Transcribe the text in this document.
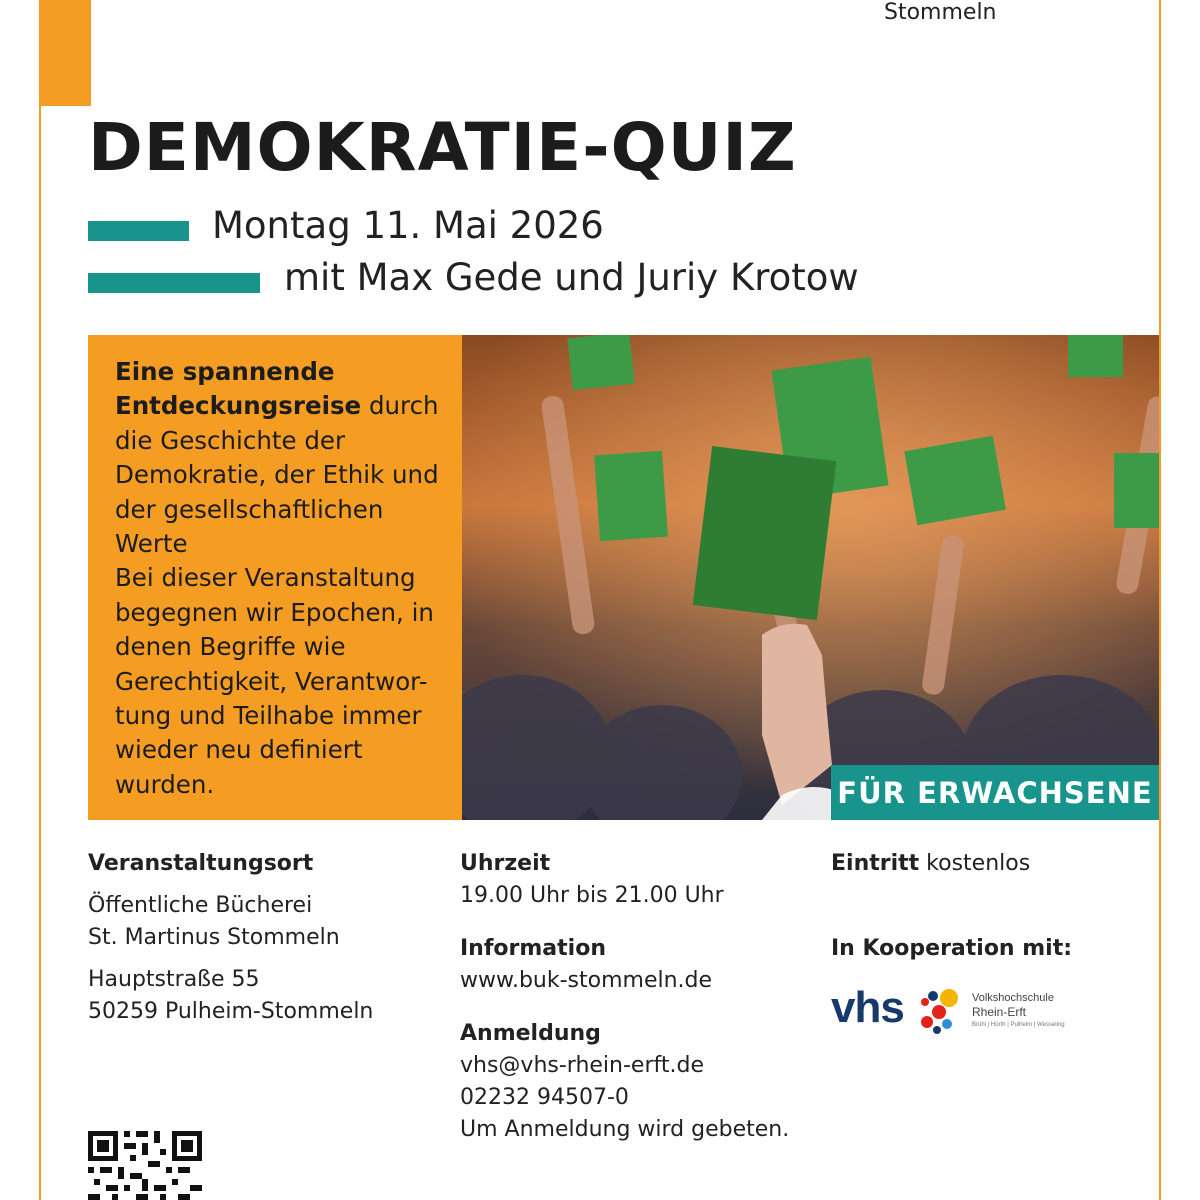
Stommeln
DEMOKRATIE-QUIZ
Montag 11. Mai 2026
mit Max Gede und Juriy Krotow
Eine spannende Entdeckungsreise durch die Geschichte der Demokratie, der Ethik und der gesellschaftlichen Werte
Bei dieser Veranstaltung begegnen wir Epochen, in denen Begriffe wie Gerechtigkeit, Verantwor-tung und Teilhabe immer wieder neu definiert wurden.	FÜR ERWACHSENE
Veranstaltungsort
Öffentliche Bücherei
St. Martinus Stommeln
Hauptstraße 55
50259 Pulheim-Stommeln
Uhrzeit
19.00 Uhr bis 21.00 Uhr
Information
www.buk-stommeln.de
Anmeldung
vhs@vhs-rhein-erft.de
02232 94507-0
Um Anmeldung wird gebeten.
Eintritt kostenlos
In Kooperation mit:
vhs	Volkshochschule
Rhein-Erft
Brühl | Hürth | Pulheim | Wesseling
